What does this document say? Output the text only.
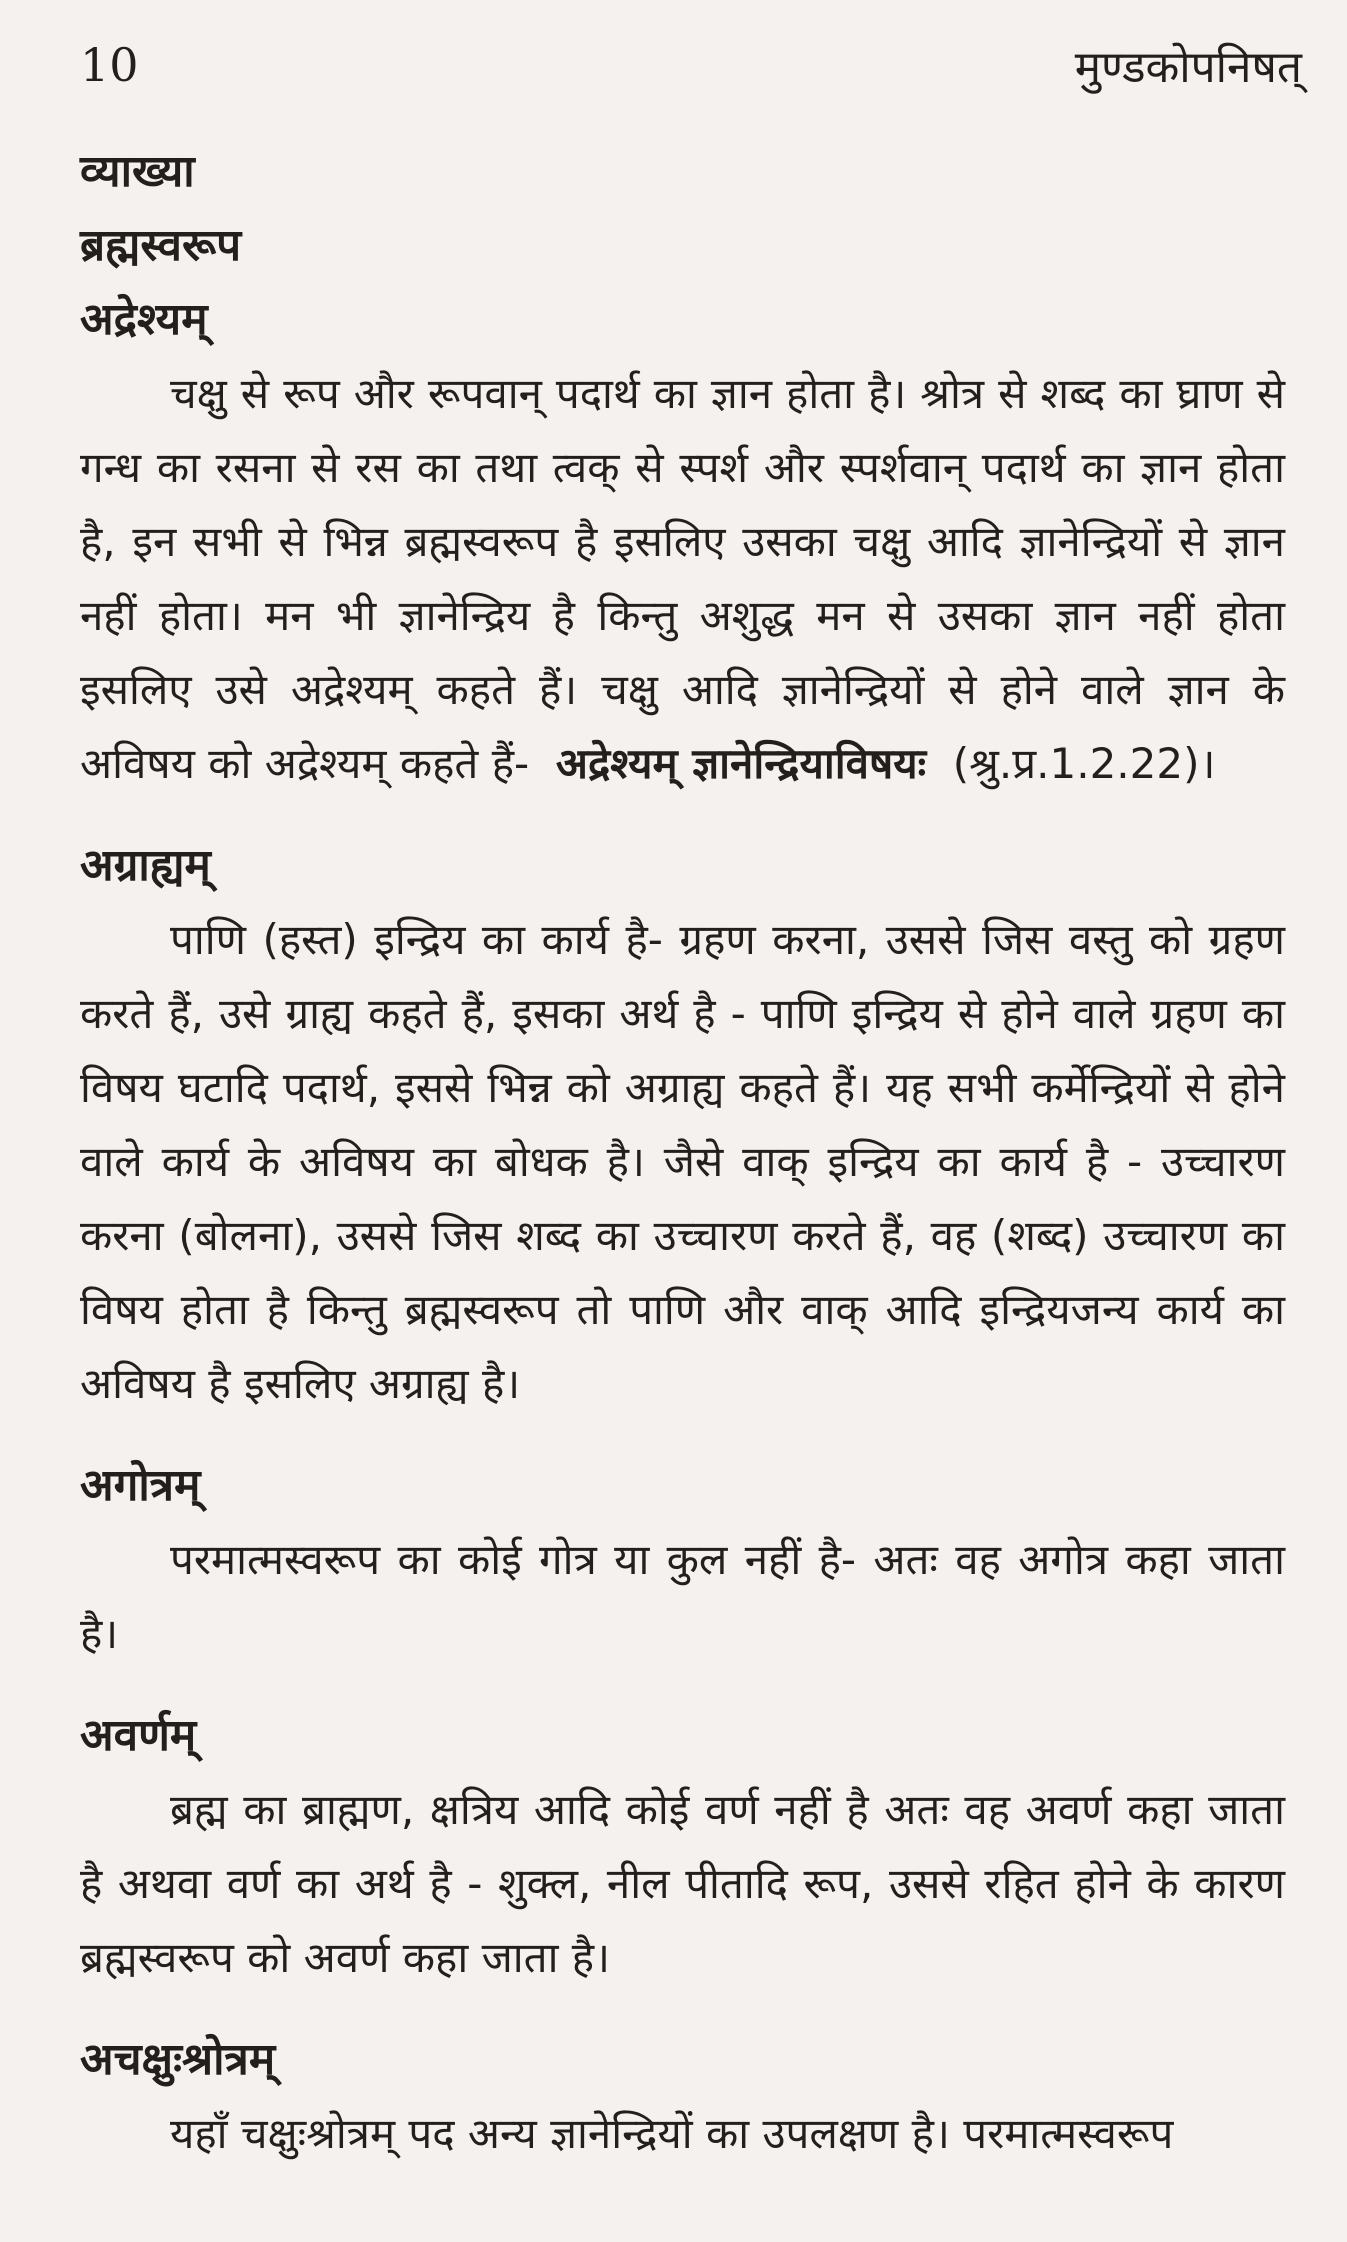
10	मुण्डकोपनिषत्

व्याख्या

ब्रह्मस्वरूप

अद्रेश्यम्

चक्षु से रूप और रूपवान् पदार्थ का ज्ञान होता है। श्रोत्र से शब्द का घ्राण से गन्ध का रसना से रस का तथा त्वक् से स्पर्श और स्पर्शवान् पदार्थ का ज्ञान होता है, इन सभी से भिन्न ब्रह्मस्वरूप है इसलिए उसका चक्षु आदि ज्ञानेन्द्रियों से ज्ञान नहीं होता। मन भी ज्ञानेन्द्रिय है किन्तु अशुद्ध मन से उसका ज्ञान नहीं होता इसलिए उसे अद्रेश्यम् कहते हैं। चक्षु आदि ज्ञानेन्द्रियों से होने वाले ज्ञान के अविषय को अद्रेश्यम् कहते हैं- अद्रेश्यम् ज्ञानेन्द्रियाविषयः (श्रु.प्र.1.2.22)।

अग्राह्यम्

पाणि (हस्त) इन्द्रिय का कार्य है- ग्रहण करना, उससे जिस वस्तु को ग्रहण करते हैं, उसे ग्राह्य कहते हैं, इसका अर्थ है - पाणि इन्द्रिय से होने वाले ग्रहण का विषय घटादि पदार्थ, इससे भिन्न को अग्राह्य कहते हैं। यह सभी कर्मेन्द्रियों से होने वाले कार्य के अविषय का बोधक है। जैसे वाक् इन्द्रिय का कार्य है - उच्चारण करना (बोलना), उससे जिस शब्द का उच्चारण करते हैं, वह (शब्द) उच्चारण का विषय होता है किन्तु ब्रह्मस्वरूप तो पाणि और वाक् आदि इन्द्रियजन्य कार्य का अविषय है इसलिए अग्राह्य है।

अगोत्रम्

परमात्मस्वरूप का कोई गोत्र या कुल नहीं है- अतः वह अगोत्र कहा जाता है।

अवर्णम्

ब्रह्म का ब्राह्मण, क्षत्रिय आदि कोई वर्ण नहीं है अतः वह अवर्ण कहा जाता है अथवा वर्ण का अर्थ है - शुक्ल, नील पीतादि रूप, उससे रहित होने के कारण ब्रह्मस्वरूप को अवर्ण कहा जाता है।

अचक्षुःश्रोत्रम्

यहाँ चक्षुःश्रोत्रम् पद अन्य ज्ञानेन्द्रियों का उपलक्षण है। परमात्मस्वरूप
